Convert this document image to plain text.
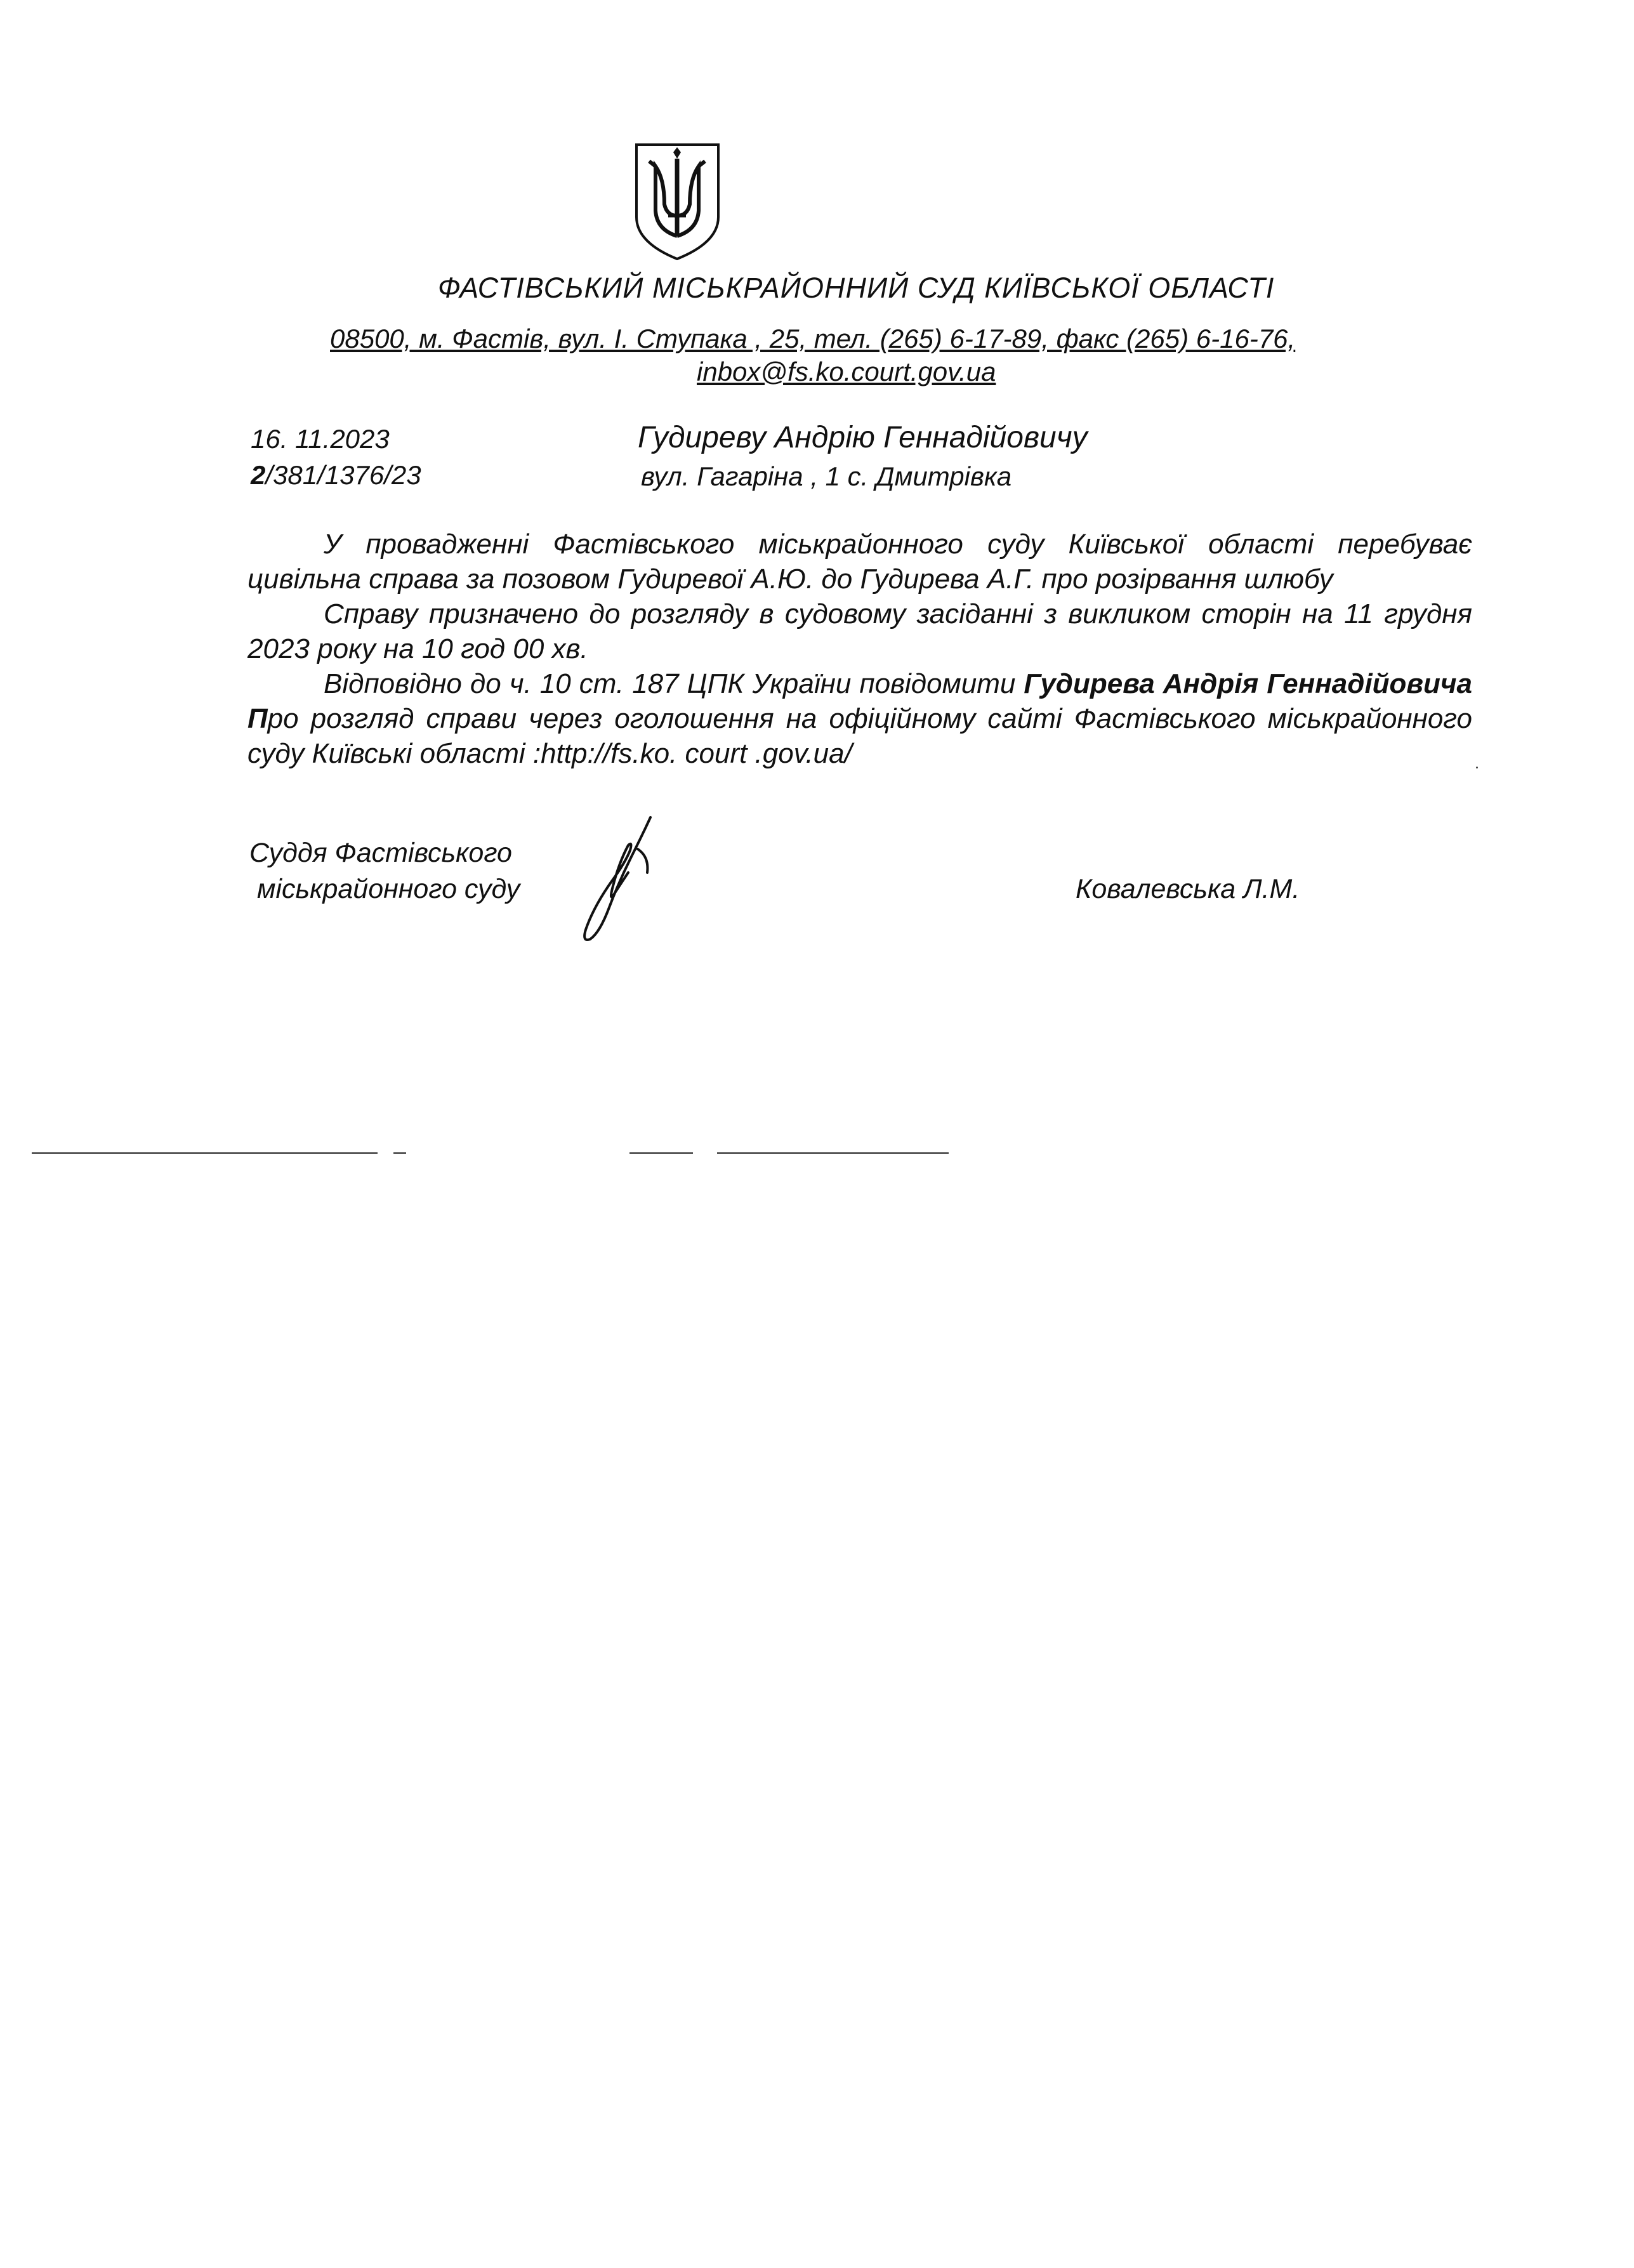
ФАСТІВСЬКИЙ МІСЬКРАЙОННИЙ СУД КИЇВСЬКОЇ ОБЛАСТІ
08500, м. Фастів, вул. І. Ступака , 25, тел. (265) 6-17-89, факс (265) 6-16-76,
inbox@fs.ko.court.gov.ua
16. 11.2023
2/381/1376/23
Гудиреву Андрію Геннадійовичу
вул. Гагаріна , 1 с. Дмитрівка

У провадженні Фастівського міськрайонного суду Київської області перебуває цивільна справа за позовом Гудиревої А.Ю. до Гудирева А.Г. про розірвання шлюбу

Справу призначено до розгляду в судовому засіданні з викликом сторін на 11 грудня 2023 року на 10 год 00 хв.

Відповідно до ч. 10 ст. 187 ЦПК України повідомити Гудирева Андрія Геннадійовича Про розгляд справи через оголошення на офіційному сайті Фастівського міськрайонного суду Київські області :http://fs.ko. court .gov.ua/

Суддя Фастівського
міськрайонного суду	Ковалевська Л.М.
